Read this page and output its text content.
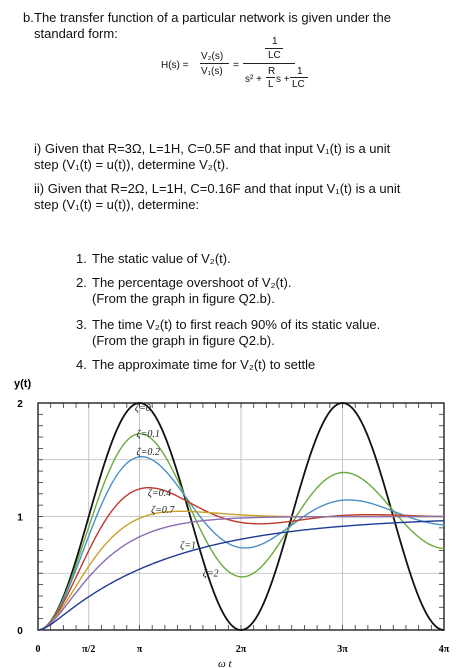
b. The transfer function of a particular network is given under the
standard form:
H(s) =
V₂(s)
V₁(s)
=
1
LC
s² +
R
L s +
1
LC
i) Given that R=3Ω, L=1H, C=0.5F and that input V₁(t) is a unit
step (V₁(t) = u(t)), determine V₂(t).
ii) Given that R=2Ω, L=1H, C=0.16F and that input V₁(t) is a unit
step (V₁(t) = u(t)), determine:
1. The static value of V₂(t).
2. The percentage overshoot of V₂(t).
(From the graph in figure Q2.b).
3. The time V₂(t) to first reach 90% of its static value.
(From the graph in figure Q2.b).
4. The approximate time for V₂(t) to settle
0	π/2	π	2π	3π	4π
0
1
2	ζ=0
ζ=0.1
ζ=0.2
ζ=0.4
ζ=0.7
ζ=1
ζ=2
y(t)
ω t
